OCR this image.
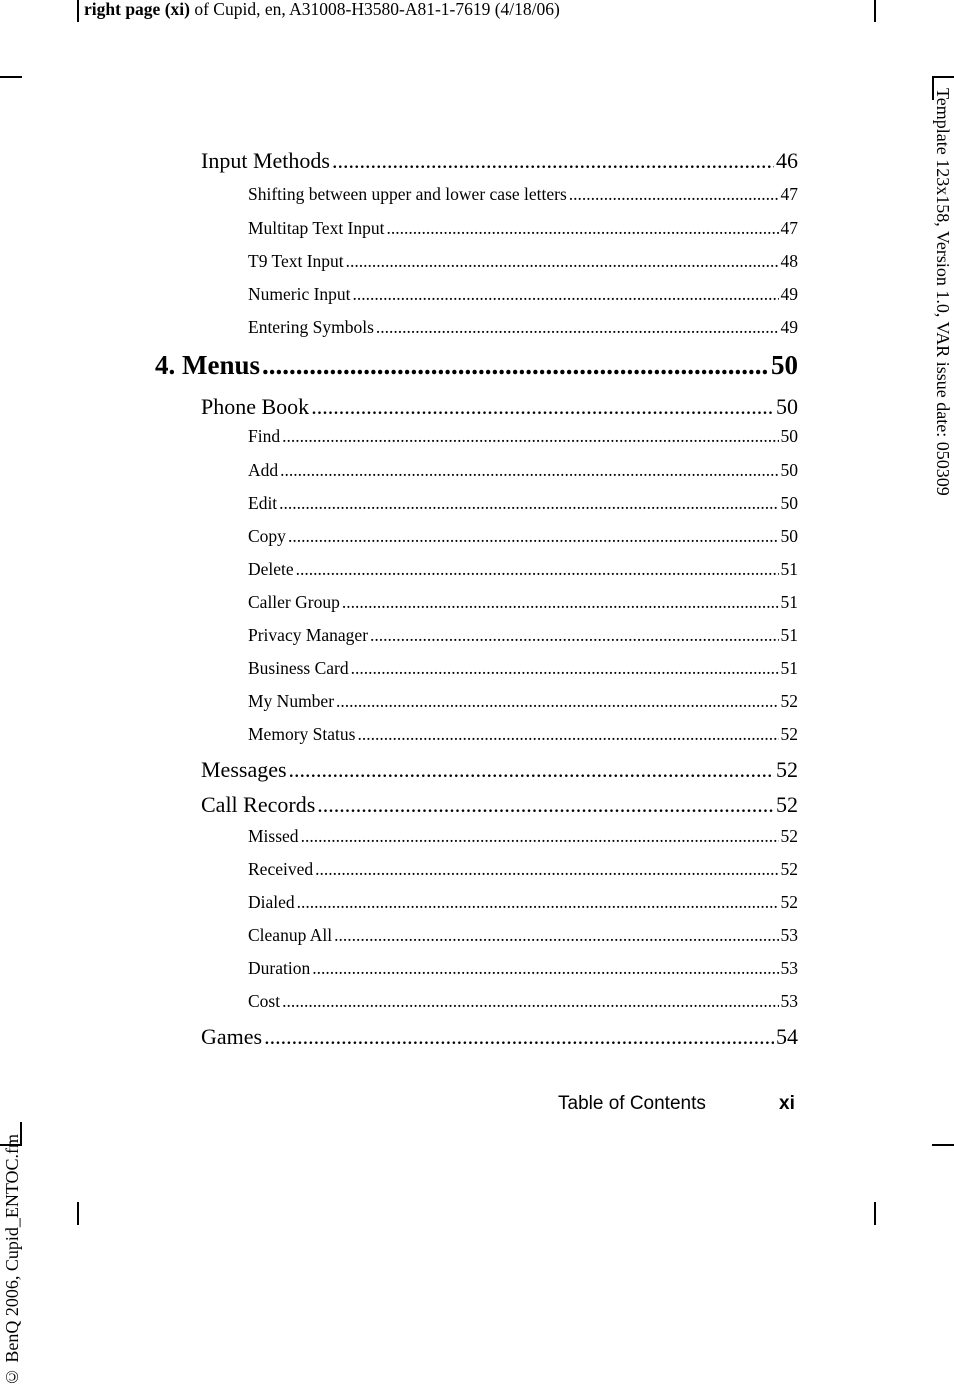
right page (xi) of Cupid, en, A31008-H3580-A81-1-7619 (4/18/06)
Template 123x158, Version 1.0, VAR issue date: 050309
© BenQ 2006, Cupid_ENTOC.fm
Input Methods .....	46
Shifting between upper and lower case letters .....	47
Multitap Text Input .....	47
T9 Text Input .....	48
Numeric Input .....	49
Entering Symbols .....	49
4. Menus .....	50
Phone Book .....	50
Find .....	50
Add .....	50
Edit .....	50
Copy .....	50
Delete .....	51
Caller Group .....	51
Privacy Manager .....	51
Business Card .....	51
My Number .....	52
Memory Status .....	52
Messages .....	52
Call Records .....	52
Missed .....	52
Received .....	52
Dialed .....	52
Cleanup All .....	53
Duration .....	53
Cost .....	53
Games .....	54
Table of Contents	xi
